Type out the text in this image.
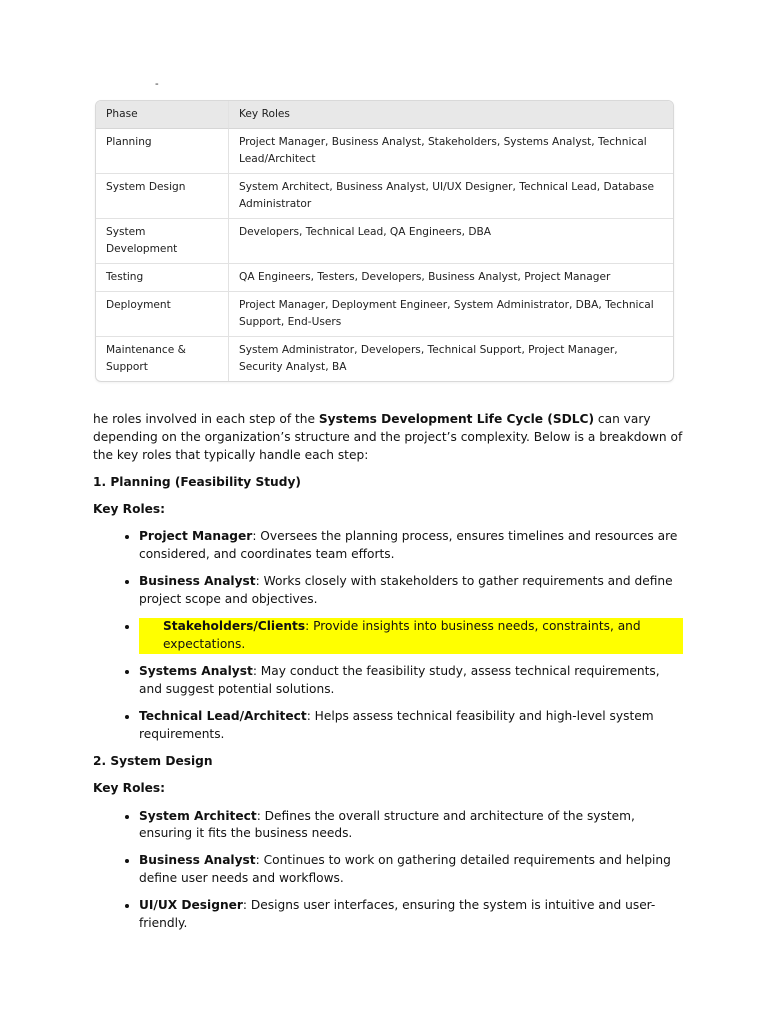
-
Phase	Key Roles
Planning	Project Manager, Business Analyst, Stakeholders, Systems Analyst, Technical Lead/Architect
System Design	System Architect, Business Analyst, UI/UX Designer, Technical Lead, Database Administrator
System Development	Developers, Technical Lead, QA Engineers, DBA
Testing	QA Engineers, Testers, Developers, Business Analyst, Project Manager
Deployment	Project Manager, Deployment Engineer, System Administrator, DBA, Technical Support, End-Users
Maintenance & Support	System Administrator, Developers, Technical Support, Project Manager, Security Analyst, BA

he roles involved in each step of the Systems Development Life Cycle (SDLC) can vary depending on the organization’s structure and the project’s complexity. Below is a breakdown of the key roles that typically handle each step:

1. Planning (Feasibility Study)

Key Roles:

• Project Manager: Oversees the planning process, ensures timelines and resources are considered, and coordinates team efforts.
• Business Analyst: Works closely with stakeholders to gather requirements and define project scope and objectives.
• Stakeholders/Clients: Provide insights into business needs, constraints, and expectations.
• Systems Analyst: May conduct the feasibility study, assess technical requirements, and suggest potential solutions.
• Technical Lead/Architect: Helps assess technical feasibility and high-level system requirements.

2. System Design

Key Roles:

• System Architect: Defines the overall structure and architecture of the system, ensuring it fits the business needs.
• Business Analyst: Continues to work on gathering detailed requirements and helping define user needs and workflows.
• UI/UX Designer: Designs user interfaces, ensuring the system is intuitive and user-friendly.
